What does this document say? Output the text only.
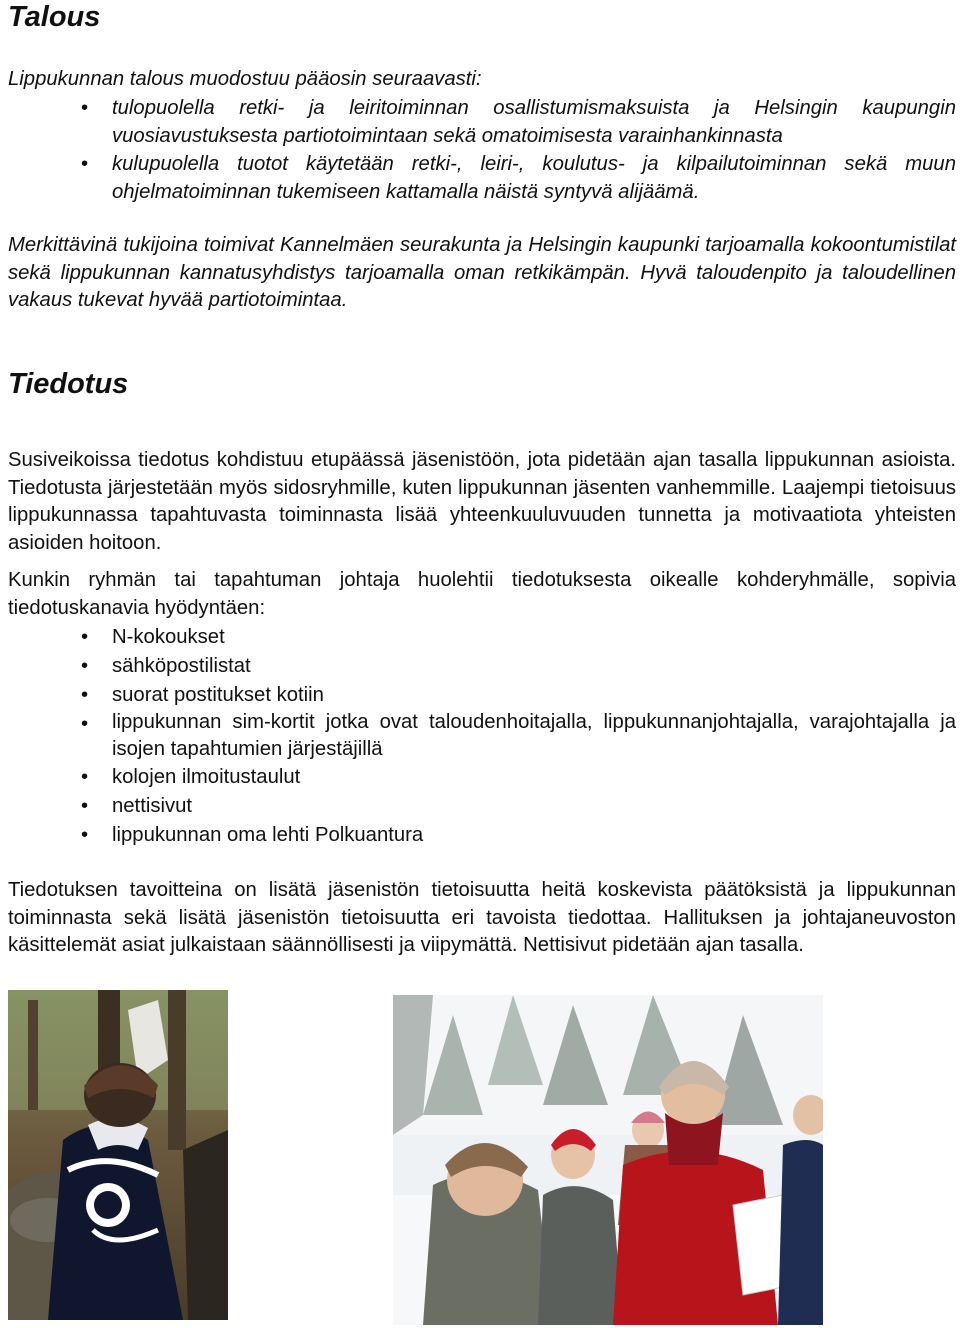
Talous

Lippukunnan talous muodostuu pääosin seuraavasti:

• tulopuolella retki- ja leiritoiminnan osallistumismaksuista ja Helsingin kaupungin vuosiavustuksesta partiotoimintaan sekä omatoimisesta varainhankinnasta
• kulupuolella tuotot käytetään retki-, leiri-, koulutus- ja kilpailutoiminnan sekä muun ohjelmatoiminnan tukemiseen kattamalla näistä syntyvä alijäämä.

Merkittävinä tukijoina toimivat Kannelmäen seurakunta ja Helsingin kaupunki tarjoamalla kokoontumistilat sekä lippukunnan kannatusyhdistys tarjoamalla oman retkikämpän. Hyvä taloudenpito ja taloudellinen vakaus tukevat hyvää partiotoimintaa.

Tiedotus

Susiveikoissa tiedotus kohdistuu etupäässä jäsenistöön, jota pidetään ajan tasalla lippukunnan asioista. Tiedotusta järjestetään myös sidosryhmille, kuten lippukunnan jäsenten vanhemmille. Laajempi tietoisuus lippukunnassa tapahtuvasta toiminnasta lisää yhteenkuuluvuuden tunnetta ja motivaatiota yhteisten asioiden hoitoon.

Kunkin ryhmän tai tapahtuman johtaja huolehtii tiedotuksesta oikealle kohderyhmälle, sopivia tiedotuskanavia hyödyntäen:

• N-kokoukset
• sähköpostilistat
• suorat postitukset kotiin
• lippukunnan sim-kortit jotka ovat taloudenhoitajalla, lippukunnanjohtajalla, varajohtajalla ja isojen tapahtumien järjestäjillä
• kolojen ilmoitustaulut
• nettisivut
• lippukunnan oma lehti Polkuantura

Tiedotuksen tavoitteina on lisätä jäsenistön tietoisuutta heitä koskevista päätöksistä ja lippukunnan toiminnasta sekä lisätä jäsenistön tietoisuutta eri tavoista tiedottaa. Hallituksen ja johtajaneuvoston käsittelemät asiat julkaistaan säännöllisesti ja viipymättä. Nettisivut pidetään ajan tasalla.
